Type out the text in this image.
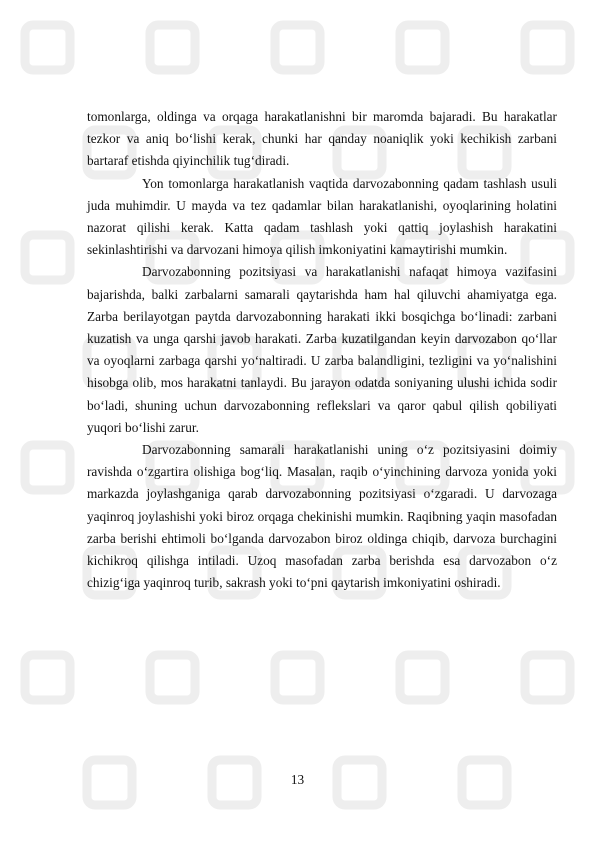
tomonlarga, oldinga va orqaga harakatlanishni bir maromda bajaradi. Bu harakatlar tezkor va aniq bo‘lishi kerak, chunki har qanday noaniqlik yoki kechikish zarbani bartaraf etishda qiyinchilik tug‘diradi.

Yon tomonlarga harakatlanish vaqtida darvozabonning qadam tashlash usuli juda muhimdir. U mayda va tez qadamlar bilan harakatlanishi, oyoqlarining holatini nazorat qilishi kerak. Katta qadam tashlash yoki qattiq joylashish harakatini sekinlashtirishi va darvozani himoya qilish imkoniyatini kamaytirishi mumkin.

Darvozabonning pozitsiyasi va harakatlanishi nafaqat himoya vazifasini bajarishda, balki zarbalarni samarali qaytarishda ham hal qiluvchi ahamiyatga ega. Zarba berilayotgan paytda darvozabonning harakati ikki bosqichga bo‘linadi: zarbani kuzatish va unga qarshi javob harakati. Zarba kuzatilgandan keyin darvozabon qo‘llar va oyoqlarni zarbaga qarshi yo‘naltiradi. U zarba balandligini, tezligini va yo‘nalishini hisobga olib, mos harakatni tanlaydi. Bu jarayon odatda soniyaning ulushi ichida sodir bo‘ladi, shuning uchun darvozabonning reflekslari va qaror qabul qilish qobiliyati yuqori bo‘lishi zarur.

Darvozabonning samarali harakatlanishi uning o‘z pozitsiyasini doimiy ravishda o‘zgartira olishiga bog‘liq. Masalan, raqib o‘yinchining darvoza yonida yoki markazda joylashganiga qarab darvozabonning pozitsiyasi o‘zgaradi. U darvozaga yaqinroq joylashishi yoki biroz orqaga chekinishi mumkin. Raqibning yaqin masofadan zarba berishi ehtimoli bo‘lganda darvozabon biroz oldinga chiqib, darvoza burchagini kichikroq qilishga intiladi. Uzoq masofadan zarba berishda esa darvozabon o‘z chizig‘iga yaqinroq turib, sakrash yoki to‘pni qaytarish imkoniyatini oshiradi.

13
